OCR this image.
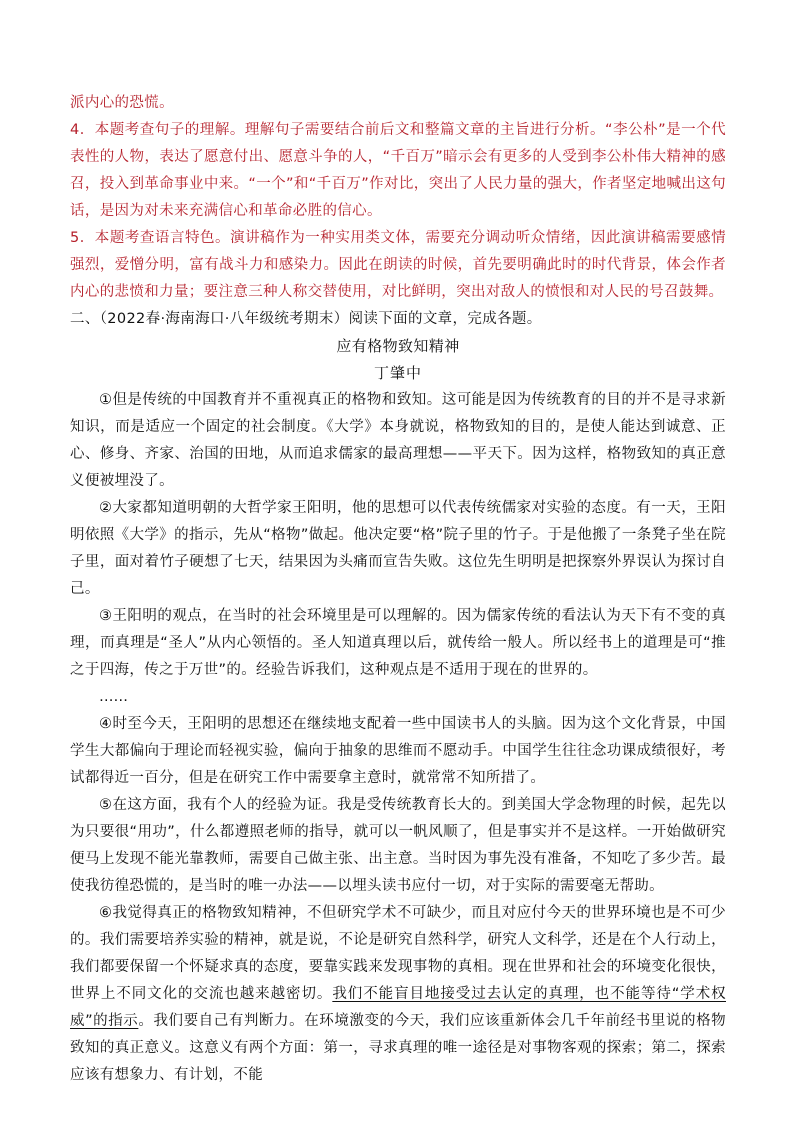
派内心的恐慌。

4．本题考查句子的理解。理解句子需要结合前后文和整篇文章的主旨进行分析。“李公朴”是一个代表性的人物，表达了愿意付出、愿意斗争的人，“千百万”暗示会有更多的人受到李公朴伟大精神的感召，投入到革命事业中来。“一个”和“千百万”作对比，突出了人民力量的强大，作者坚定地喊出这句话，是因为对未来充满信心和革命必胜的信心。

5．本题考查语言特色。演讲稿作为一种实用类文体，需要充分调动听众情绪，因此演讲稿需要感情强烈，爱憎分明，富有战斗力和感染力。因此在朗读的时候，首先要明确此时的时代背景，体会作者内心的悲愤和力量；要注意三种人称交替使用，对比鲜明，突出对敌人的愤恨和对人民的号召鼓舞。

二、（2022春·海南海口·八年级统考期末）阅读下面的文章，完成各题。

应有格物致知精神
丁肇中

①但是传统的中国教育并不重视真正的格物和致知。这可能是因为传统教育的目的并不是寻求新知识，而是适应一个固定的社会制度。《大学》本身就说，格物致知的目的，是使人能达到诚意、正心、修身、齐家、治国的田地，从而追求儒家的最高理想——平天下。因为这样，格物致知的真正意义便被埋没了。

②大家都知道明朝的大哲学家王阳明，他的思想可以代表传统儒家对实验的态度。有一天，王阳明依照《大学》的指示，先从“格物”做起。他决定要“格”院子里的竹子。于是他搬了一条凳子坐在院子里，面对着竹子硬想了七天，结果因为头痛而宣告失败。这位先生明明是把探察外界误认为探讨自己。

③王阳明的观点，在当时的社会环境里是可以理解的。因为儒家传统的看法认为天下有不变的真理，而真理是“圣人”从内心领悟的。圣人知道真理以后，就传给一般人。所以经书上的道理是可“推之于四海，传之于万世”的。经验告诉我们，这种观点是不适用于现在的世界的。

……

④时至今天，王阳明的思想还在继续地支配着一些中国读书人的头脑。因为这个文化背景，中国学生大都偏向于理论而轻视实验，偏向于抽象的思维而不愿动手。中国学生往往念功课成绩很好，考试都得近一百分，但是在研究工作中需要拿主意时，就常常不知所措了。

⑤在这方面，我有个人的经验为证。我是受传统教育长大的。到美国大学念物理的时候，起先以为只要很“用功”，什么都遵照老师的指导，就可以一帆风顺了，但是事实并不是这样。一开始做研究便马上发现不能光靠教师，需要自己做主张、出主意。当时因为事先没有准备，不知吃了多少苦。最使我彷徨恐慌的，是当时的唯一办法——以埋头读书应付一切，对于实际的需要毫无帮助。

⑥我觉得真正的格物致知精神，不但研究学术不可缺少，而且对应付今天的世界环境也是不可少的。我们需要培养实验的精神，就是说，不论是研究自然科学，研究人文科学，还是在个人行动上，我们都要保留一个怀疑求真的态度，要靠实践来发现事物的真相。现在世界和社会的环境变化很快，世界上不同文化的交流也越来越密切。我们不能盲目地接受过去认定的真理，也不能等待“学术权威”的指示。我们要自己有判断力。在环境激变的今天，我们应该重新体会几千年前经书里说的格物致知的真正意义。这意义有两个方面：第一，寻求真理的唯一途径是对事物客观的探索；第二，探索应该有想象力、有计划，不能
